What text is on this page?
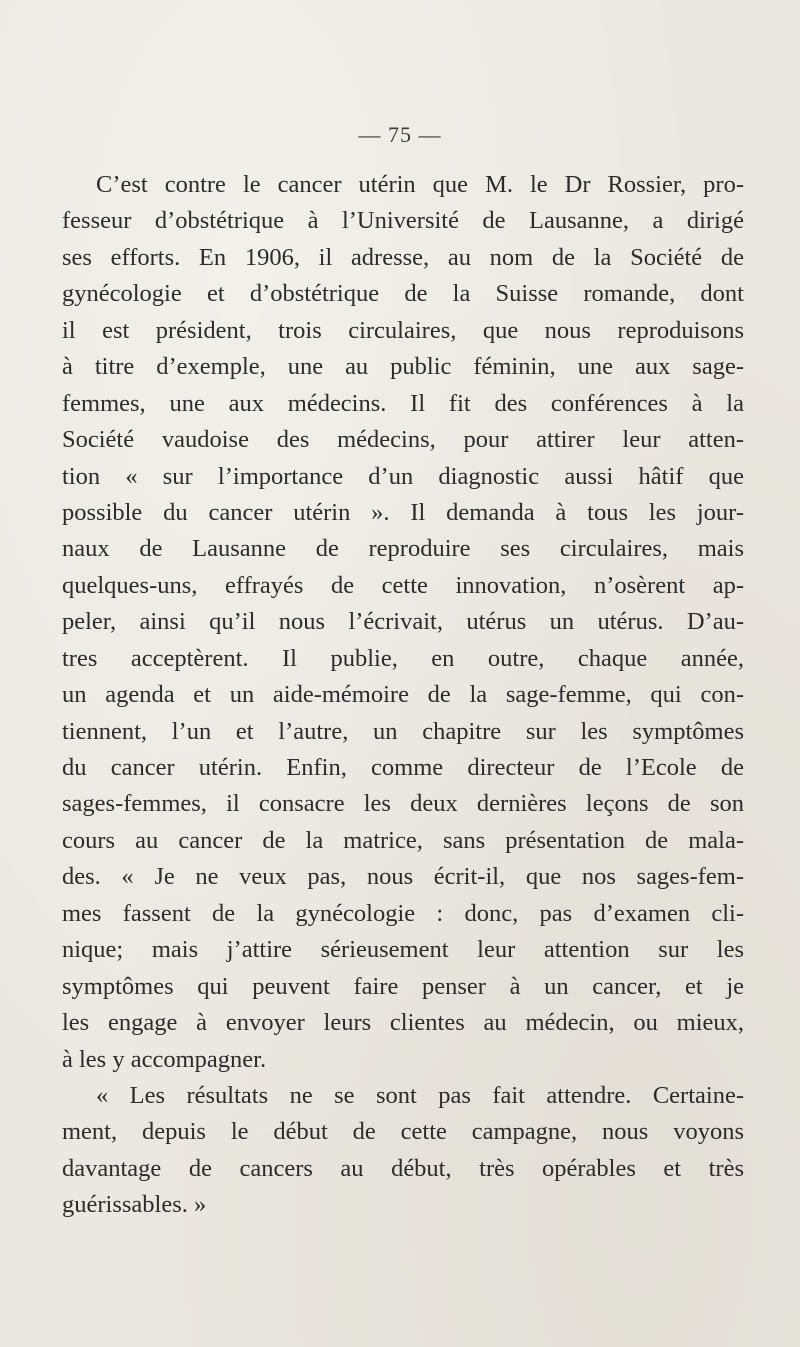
— 75 —
C’est contre le cancer utérin que M. le Dr Rossier, pro-
fesseur d’obstétrique à l’Université de Lausanne, a dirigé
ses efforts. En 1906, il adresse, au nom de la Société de
gynécologie et d’obstétrique de la Suisse romande, dont
il est président, trois circulaires, que nous reproduisons
à titre d’exemple, une au public féminin, une aux sage-
femmes, une aux médecins. Il fit des conférences à la
Société vaudoise des médecins, pour attirer leur atten-
tion « sur l’importance d’un diagnostic aussi hâtif que
possible du cancer utérin ». Il demanda à tous les jour-
naux de Lausanne de reproduire ses circulaires, mais
quelques-uns, effrayés de cette innovation, n’osèrent ap-
peler, ainsi qu’il nous l’écrivait, utérus un utérus. D’au-
tres acceptèrent. Il publie, en outre, chaque année,
un agenda et un aide-mémoire de la sage-femme, qui con-
tiennent, l’un et l’autre, un chapitre sur les symptômes
du cancer utérin. Enfin, comme directeur de l’Ecole de
sages-femmes, il consacre les deux dernières leçons de son
cours au cancer de la matrice, sans présentation de mala-
des. « Je ne veux pas, nous écrit-il, que nos sages-fem-
mes fassent de la gynécologie : donc, pas d’examen cli-
nique; mais j’attire sérieusement leur attention sur les
symptômes qui peuvent faire penser à un cancer, et je
les engage à envoyer leurs clientes au médecin, ou mieux,
à les y accompagner.
« Les résultats ne se sont pas fait attendre. Certaine-
ment, depuis le début de cette campagne, nous voyons
davantage de cancers au début, très opérables et très
guérissables. »
